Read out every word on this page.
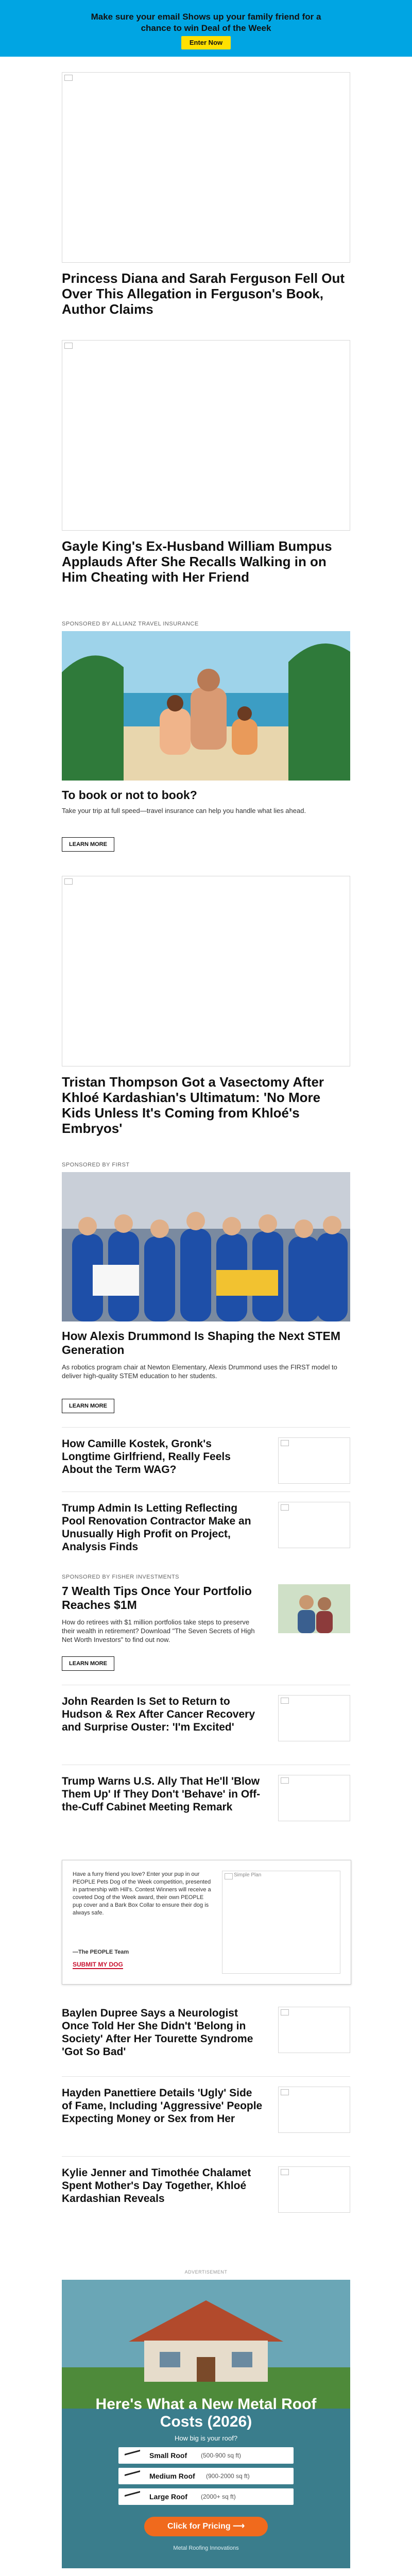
Make sure your email Shows up your family friend for a chance to win Deal of the Week
Enter Now
Princess Diana and Sarah Ferguson Fell Out Over This Allegation in Ferguson's Book, Author Claims
Gayle King's Ex-Husband William Bumpus Applauds After She Recalls Walking in on Him Cheating with Her Friend
SPONSORED BY ALLIANZ TRAVEL INSURANCE
To book or not to book?
Take your trip at full speed—travel insurance can help you handle what lies ahead.
LEARN MORE
Tristan Thompson Got a Vasectomy After Khloé Kardashian's Ultimatum: 'No More Kids Unless It's Coming from Khloé's Embryos'
SPONSORED BY FIRST
How Alexis Drummond Is Shaping the Next STEM Generation
As robotics program chair at Newton Elementary, Alexis Drummond uses the FIRST model to deliver high-quality STEM education to her students.
LEARN MORE
How Camille Kostek, Gronk's Longtime Girlfriend, Really Feels About the Term WAG?
Trump Admin Is Letting Reflecting Pool Renovation Contractor Make an Unusually High Profit on Project, Analysis Finds
SPONSORED BY FISHER INVESTMENTS
7 Wealth Tips Once Your Portfolio Reaches $1M
How do retirees with $1 million portfolios take steps to preserve their wealth in retirement? Download "The Seven Secrets of High Net Worth Investors" to find out now.
LEARN MORE
John Rearden Is Set to Return to Hudson & Rex After Cancer Recovery and Surprise Ouster: 'I'm Excited'
Trump Warns U.S. Ally That He'll 'Blow Them Up' If They Don't 'Behave' in Off-the-Cuff Cabinet Meeting Remark
Have a furry friend you love? Enter your pup in our PEOPLE Pets Dog of the Week competition, presented in partnership with Hill's. Contest Winners will receive a coveted Dog of the Week award, their own PEOPLE pup cover and a Bark Box Collar to ensure their dog is always safe.
—The PEOPLE Team
SUBMIT MY DOG
Simple Plan
Baylen Dupree Says a Neurologist Once Told Her She Didn't 'Belong in Society' After Her Tourette Syndrome 'Got So Bad'
Hayden Panettiere Details 'Ugly' Side of Fame, Including 'Aggressive' People Expecting Money or Sex from Her
Kylie Jenner and Timothée Chalamet Spent Mother's Day Together, Khloé Kardashian Reveals
ADVERTISEMENT
Here's What a New Metal Roof Costs (2026)
How big is your roof?
Small Roof (500-900 sq ft)
Medium Roof (900-2000 sq ft)
Large Roof (2000+ sq ft)
Click for Pricing ⟶
Metal Roofing Innovations
